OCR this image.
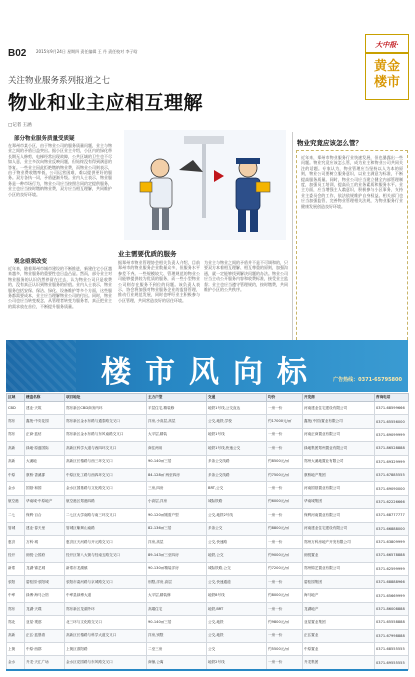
B02 2015年9月24日 星期四 责任编辑 王 丹 责任校对 李子晗
大中报·
黄金
楼市
关注物业服务系列报道之七
物业和业主应相互理解
□记者 王涵
部分物业服务质量受质疑
在郑州市某小区，由于物业公司的服务质量问题，业主与物业之间的矛盾日益突出。据小区业主介绍，小区内的绿化带长期无人修剪，电梯经常出现故障，公共区域的卫生也不尽如人意，业主多次向物业反映问题，但始终没有得到满意的答复。一些业主因此拒绝缴纳物业费，而物业公司则表示，由于物业费收缴率低，公司运营困难，难以提供更好的服务。双方各执一词，矛盾逐渐升级。业内人士表示，物业服务是一种市场行为，物业公司应当按照合同约定提供服务，业主也应当按时缴纳物业费，双方应当相互理解，共同维护小区的良好环境。
观念亟须改变
近年来，随着郑州市城市建设的不断推进，新建住宅小区越来越多，物业服务的重要性也日益凸显。然而，部分业主对物业服务的认识仍然停留在过去，认为物业公司只是收费的，没有真正认识到物业服务的价值。业内人士表示，物业服务包括安保、保洁、绿化、设备维护等多个方面，这些服务都需要成本，业主应当理解物业公司的付出。同时，物业公司也应当转变观念，从管理者转变为服务者，真正把业主的需求放在首位，不断提升服务质量。
业主需要优质的服务
据郑州市物业管理协会相关负责人介绍，目前郑州市的物业服务企业数量众多，但服务水平参差不齐。一些规模较大、管理规范的物业公司能够提供较为优质的服务，而一些小型物业公司则存在服务不到位的问题。该负责人表示，协会将加强对物业服务企业的监督管理，推动行业规范发展，同时也呼吁业主积极参与小区管理，共同营造良好的居住环境。
为业主与物业之间的矛盾并不是不可调和的，只要双方本着相互理解、相互尊重的原则，加强沟通，就一定能够找到解决问题的办法。物业公司应当主动公开服务内容和收费标准，接受业主监督；业主也应当遵守管理规约，按时缴费，共同维护小区的公共秩序。
物业究竟应该怎么管？
近年来，郑州市物业服务行业快速发展，但也暴露出一些问题。物业究竟应该怎么管，成为业主和物业公司共同关注的话题。专家认为，物业管理应当坚持以人为本的原则，物业公司要树立服务意识，以业主满意为标准，不断提高服务质量。同时，物业公司应当建立健全内部管理制度，加强员工培训，提高员工的业务素质和服务水平。业主方面，应当增强主人翁意识，积极参与小区事务，支持业主委员会的工作，依法依规维护自身权益。相关部门也应当加强监管，完善物业管理相关法规，为物业服务行业健康发展创造良好环境。
楼市风向标 广告热线：0371-65795800
区域	楼盘名称	项目地址	主力户型	交通	均价	开发商	咨询电话
CBD	建业·天筑	郑东新区CBD商务内环	平层住宅,精装修	地铁1号线,公交直达	一房一价	河南建业住宅建设有限公司	0371-68599666
郑东	鑫苑·中央花园	郑东新区金水东路与通泰路交叉口	洋房,小高层,高层	公交,地铁,学校	约17000元/㎡	鑫苑(中国)置业有限公司	0371-65556000
郑东	正商·蓝钻	郑东新区金水东路与东风南路交叉口	大平层,精装	地铁1号线	一房一价	河南正商置业有限公司	0371-69099999
高新	绿地·原盛国际	高新区科学大道与西四环交叉口	商住两用	地铁1号线,快速公交	一房一价	绿地集团郑州置业有限公司	0371-86528888
高新	大溪地	高新区长椿路与西三环交叉口	90-140㎡三居	多条公交线路	约8500元/㎡	郑州大溪地置业有限公司	0371-69329999
中原	康桥·香溪郡	中原区化工路与西四环交叉口	84-128㎡ 两至四房	多条公交线路	约7500元/㎡	康桥地产集团	0371-67885555
金水	国基·和园	金水区国基路与文化路交叉口	三房,四房	BRT,公交	一房一价	河南国基置业有限公司	0371-69090000
航空港	华南城·中原地产	航空港区郑港四路	小高层,洋房	城际铁路	约6000元/㎡	华南城集团	0371-62226666
二七	保利·百合	二七区大学南路与南三环交叉口	90-120㎡刚需户型	公交,地铁2号线	一房一价	保利河南置业有限公司	0371-68777777
管城	建业·春天里	管城区紫荆山南路	82-136㎡三居	多条公交	约8800元/㎡	河南建业住宅建设有限公司	0371-66888000
惠济	万科·城	惠济区天河路与开元路交叉口	洋房,高层	公交,快速路	一房一价	郑州万科房地产开发有限公司	0371-63809999
经开	朗悦·公园府	经开区第八大街与经南五路交叉口	89-143㎡三至四房	地铁,公交	约9000元/㎡	朗悦置业	0371-66578888
新郑	龙湖·锦艺城	新郑市龙湖镇	90-130㎡精装洋房	城际铁路,公交	约7200元/㎡	郑州锦艺置业有限公司	0371-62599999
荥阳	碧桂园·荥阳城	荥阳市索河路与京城路交叉口	别墅,洋房,高层	公交,快速通道	一房一价	碧桂园集团	0371-68888966
中牟	绿博·海马公馆	中牟县绿博大道	大平层,精装修	地铁8号线	约8000元/㎡	海马地产	0371-65669999
郑东	龙湖·天璞	郑东新区龙湖外环	高端住宅	地铁,BRT	一房一价	龙湖地产	0371-86008888
郑北	亚星·观邸	北三环与文化路交叉口	90-140㎡三居	公交,地铁	约9800元/㎡	亚星置业集团	0371-65558888
高新	正弘·蓝堡湾	高新区长椿路与科学大道交叉口	洋房,别墅	公交,地铁	一房一价	正弘置业	0371-67998888
上街	中原·西郡	上街区淮阳路	二至三房	公交	约5500元/㎡	中原置业	0371-68555555
金水	升龙·天汇广场	金水区花园路与东风路交叉口	商铺,公寓	地铁2号线	一房一价	升龙集团	0371-69555555
